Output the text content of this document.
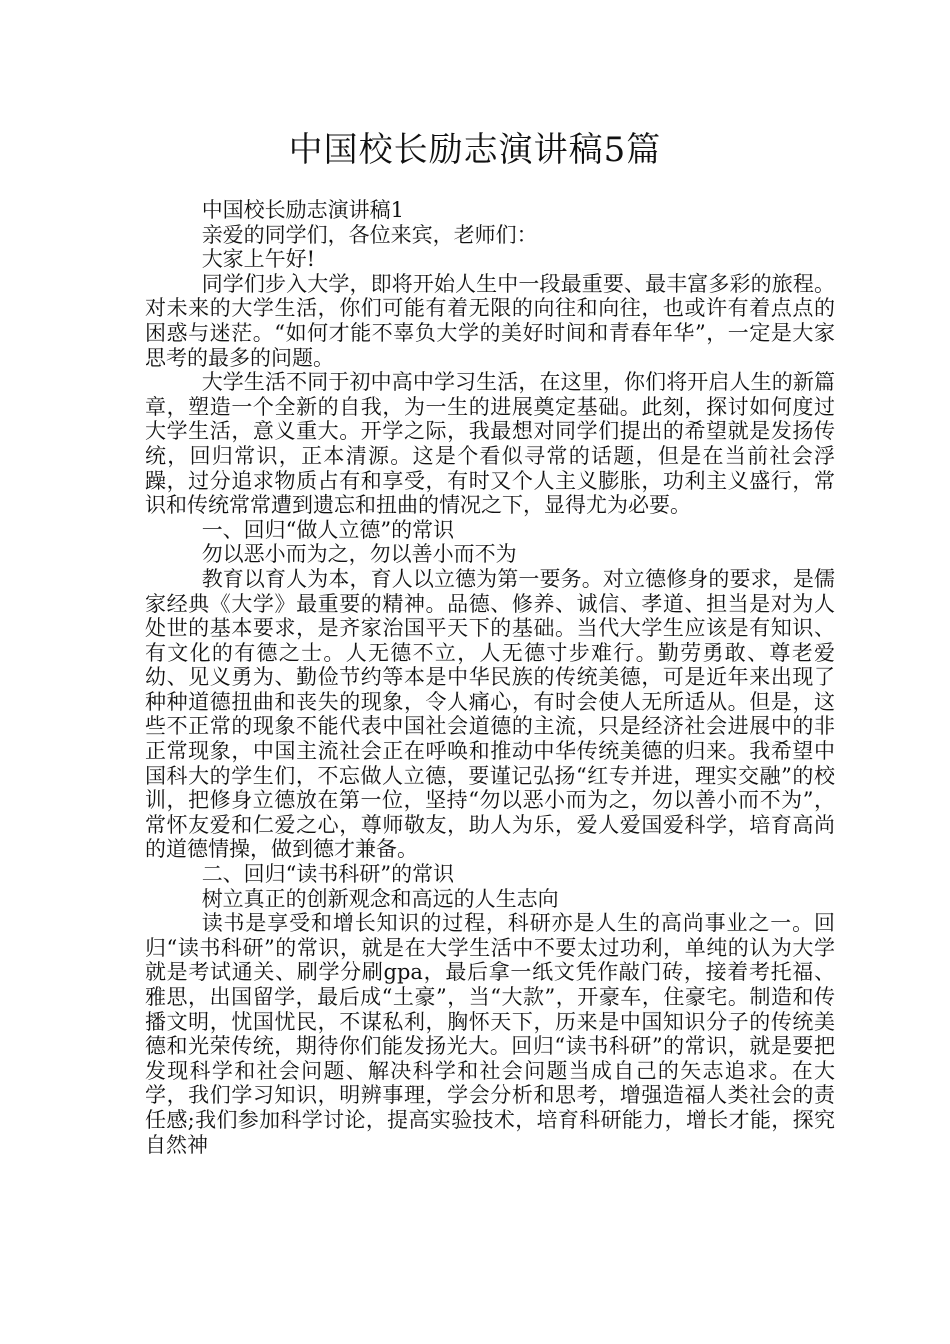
中国校长励志演讲稿5篇

中国校长励志演讲稿1

亲爱的同学们，各位来宾，老师们：

大家上午好!

同学们步入大学，即将开始人生中一段最重要、最丰富多彩的旅程。对未来的大学生活，你们可能有着无限的向往和向往，也或许有着点点的困惑与迷茫。“如何才能不辜负大学的美好时间和青春年华”，一定是大家思考的最多的问题。

大学生活不同于初中高中学习生活，在这里，你们将开启人生的新篇章，塑造一个全新的自我，为一生的进展奠定基础。此刻，探讨如何度过大学生活，意义重大。开学之际，我最想对同学们提出的希望就是发扬传统，回归常识，正本清源。这是个看似寻常的话题，但是在当前社会浮躁，过分追求物质占有和享受，有时又个人主义膨胀，功利主义盛行，常识和传统常常遭到遗忘和扭曲的情况之下，显得尤为必要。

一、回归“做人立德”的常识

勿以恶小而为之，勿以善小而不为

教育以育人为本，育人以立德为第一要务。对立德修身的要求，是儒家经典《大学》最重要的精神。品德、修养、诚信、孝道、担当是对为人处世的基本要求，是齐家治国平天下的基础。当代大学生应该是有知识、有文化的有德之士。人无德不立，人无德寸步难行。勤劳勇敢、尊老爱幼、见义勇为、勤俭节约等本是中华民族的传统美德，可是近年来出现了种种道德扭曲和丧失的现象，令人痛心，有时会使人无所适从。但是，这些不正常的现象不能代表中国社会道德的主流，只是经济社会进展中的非正常现象，中国主流社会正在呼唤和推动中华传统美德的归来。我希望中国科大的学生们，不忘做人立德，要谨记弘扬“红专并进，理实交融”的校训，把修身立德放在第一位，坚持“勿以恶小而为之，勿以善小而不为”，常怀友爱和仁爱之心，尊师敬友，助人为乐，爱人爱国爱科学，培育高尚的道德情操，做到德才兼备。

二、回归“读书科研”的常识

树立真正的创新观念和高远的人生志向

读书是享受和增长知识的过程，科研亦是人生的高尚事业之一。回归“读书科研”的常识，就是在大学生活中不要太过功利，单纯的认为大学就是考试通关、刷学分刷gpa，最后拿一纸文凭作敲门砖，接着考托福、雅思，出国留学，最后成“土豪”，当“大款”，开豪车，住豪宅。制造和传播文明，忧国忧民，不谋私利，胸怀天下，历来是中国知识分子的传统美德和光荣传统，期待你们能发扬光大。回归“读书科研”的常识，就是要把发现科学和社会问题、解决科学和社会问题当成自己的矢志追求。在大学，我们学习知识，明辨事理，学会分析和思考，增强造福人类社会的责任感;我们参加科学讨论，提高实验技术，培育科研能力，增长才能，探究自然神
